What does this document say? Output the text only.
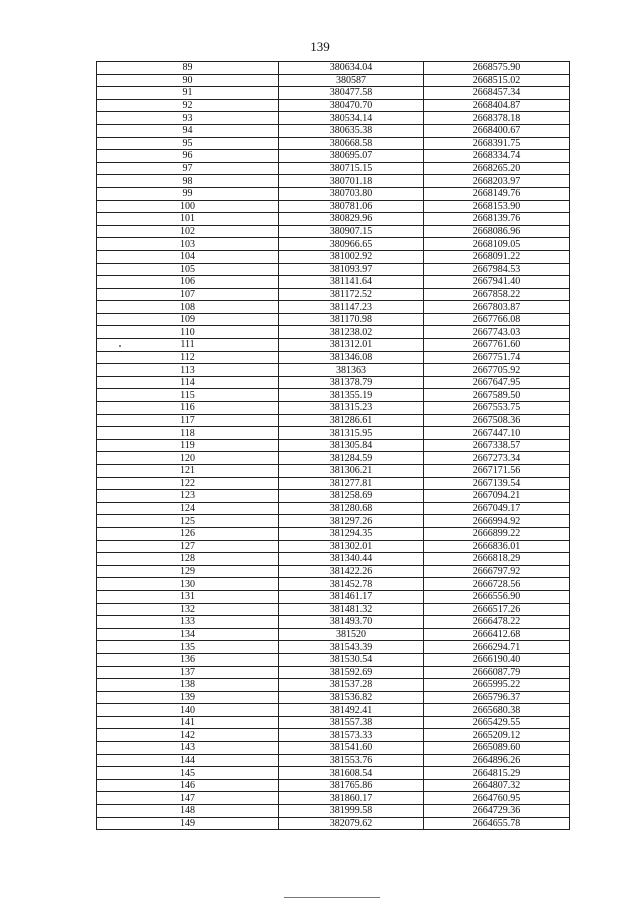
139
89	380634.04	2668575.90
90	380587	2668515.02
91	380477.58	2668457.34
92	380470.70	2668404.87
93	380534.14	2668378.18
94	380635.38	2668400.67
95	380668.58	2668391.75
96	380695.07	2668334.74
97	380715.15	2668265.20
98	380701.18	2668203.97
99	380703.80	2668149.76
100	380781.06	2668153.90
101	380829.96	2668139.76
102	380907.15	2668086.96
103	380966.65	2668109.05
104	381002.92	2668091.22
105	381093.97	2667984.53
106	381141.64	2667941.40
107	381172.52	2667858.22
108	381147.23	2667803.87
109	381170.98	2667766.08
110	381238.02	2667743.03
111	381312.01	2667761.60
112	381346.08	2667751.74
113	381363	2667705.92
114	381378.79	2667647.95
115	381355.19	2667589.50
116	381315.23	2667553.75
117	381286.61	2667508.36
118	381315.95	2667447.10
119	381305.84	2667338.57
120	381284.59	2667273.34
121	381306.21	2667171.56
122	381277.81	2667139.54
123	381258.69	2667094.21
124	381280.68	2667049.17
125	381297.26	2666994.92
126	381294.35	2666899.22
127	381302.01	2666836.01
128	381340.44	2666818.29
129	381422.26	2666797.92
130	381452.78	2666728.56
131	381461.17	2666556.90
132	381481.32	2666517.26
133	381493.70	2666478.22
134	381520	2666412.68
135	381543.39	2666294.71
136	381530.54	2666190.40
137	381592.69	2666087.79
138	381537.28	2665995.22
139	381536.82	2665796.37
140	381492.41	2665680.38
141	381557.38	2665429.55
142	381573.33	2665209.12
143	381541.60	2665089.60
144	381553.76	2664896.26
145	381608.54	2664815.29
146	381765.86	2664807.32
147	381860.17	2664760.95
148	381999.58	2664729.36
149	382079.62	2664655.78
